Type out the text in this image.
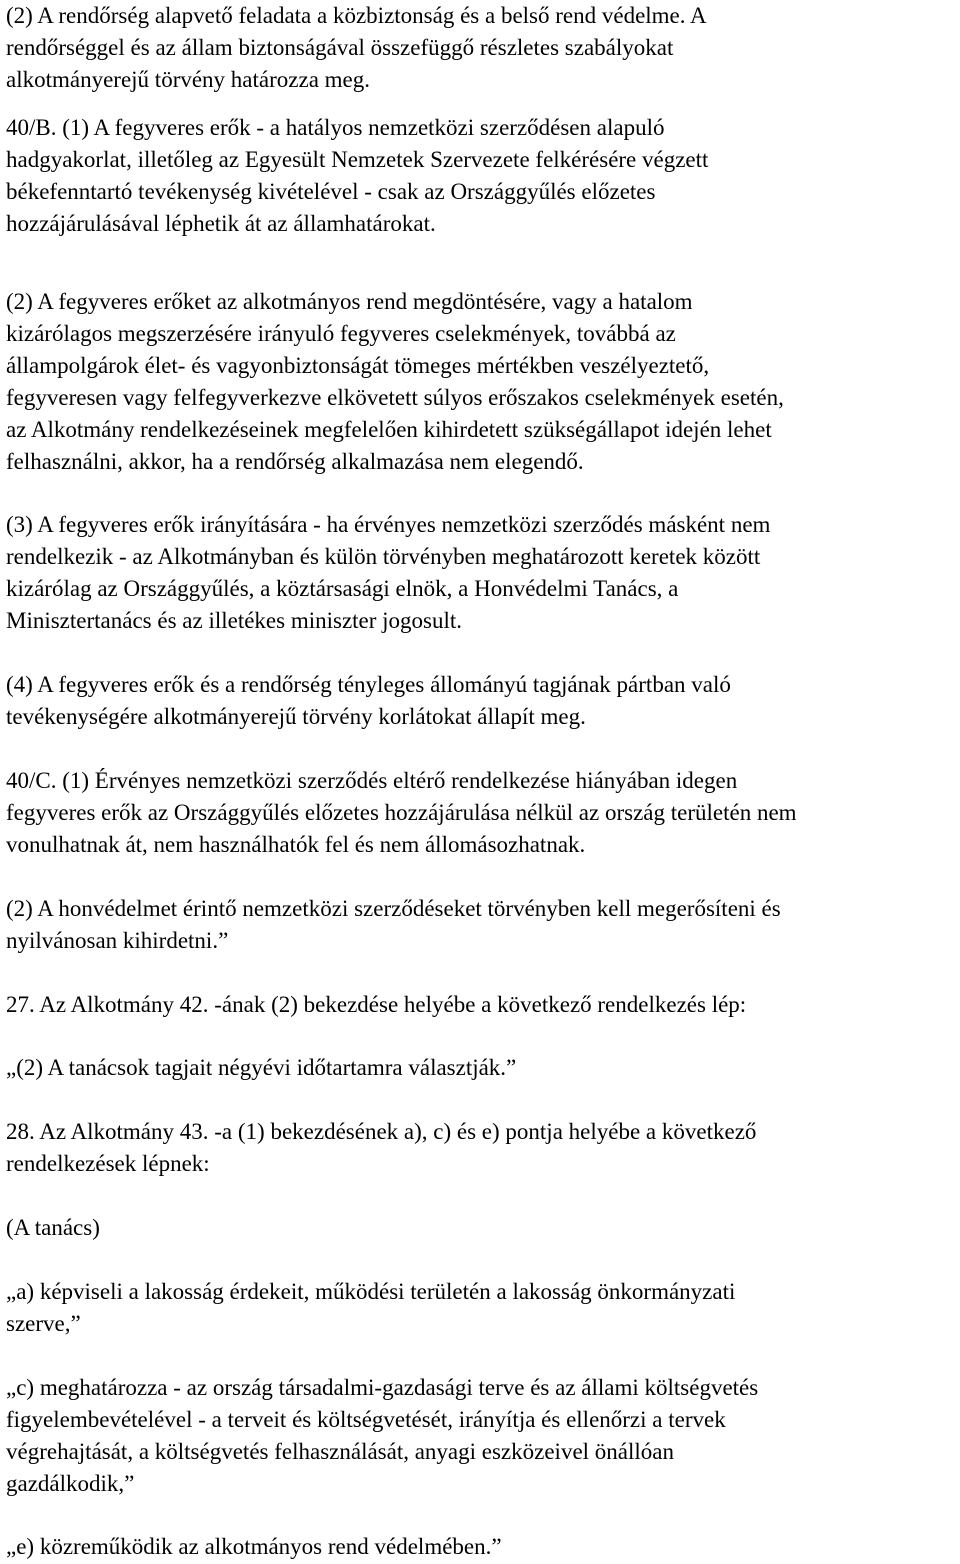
(2) A rendőrség alapvető feladata a közbiztonság és a belső rend védelme. A
rendőrséggel és az állam biztonságával összefüggő részletes szabályokat
alkotmányerejű törvény határozza meg.

40/B. (1) A fegyveres erők - a hatályos nemzetközi szerződésen alapuló
hadgyakorlat, illetőleg az Egyesült Nemzetek Szervezete felkérésére végzett
békefenntartó tevékenység kivételével - csak az Országgyűlés előzetes
hozzájárulásával léphetik át az államhatárokat.

(2) A fegyveres erőket az alkotmányos rend megdöntésére, vagy a hatalom
kizárólagos megszerzésére irányuló fegyveres cselekmények, továbbá az
állampolgárok élet- és vagyonbiztonságát tömeges mértékben veszélyeztető,
fegyveresen vagy felfegyverkezve elkövetett súlyos erőszakos cselekmények esetén,
az Alkotmány rendelkezéseinek megfelelően kihirdetett szükségállapot idején lehet
felhasználni, akkor, ha a rendőrség alkalmazása nem elegendő.

(3) A fegyveres erők irányítására - ha érvényes nemzetközi szerződés másként nem
rendelkezik - az Alkotmányban és külön törvényben meghatározott keretek között
kizárólag az Országgyűlés, a köztársasági elnök, a Honvédelmi Tanács, a
Minisztertanács és az illetékes miniszter jogosult.

(4) A fegyveres erők és a rendőrség tényleges állományú tagjának pártban való
tevékenységére alkotmányerejű törvény korlátokat állapít meg.

40/C. (1) Érvényes nemzetközi szerződés eltérő rendelkezése hiányában idegen
fegyveres erők az Országgyűlés előzetes hozzájárulása nélkül az ország területén nem
vonulhatnak át, nem használhatók fel és nem állomásozhatnak.

(2) A honvédelmet érintő nemzetközi szerződéseket törvényben kell megerősíteni és
nyilvánosan kihirdetni.”

27. Az Alkotmány 42. -ának (2) bekezdése helyébe a következő rendelkezés lép:

„(2) A tanácsok tagjait négyévi időtartamra választják.”

28. Az Alkotmány 43. -a (1) bekezdésének a), c) és e) pontja helyébe a következő
rendelkezések lépnek:

(A tanács)

„a) képviseli a lakosság érdekeit, működési területén a lakosság önkormányzati
szerve,”

„c) meghatározza - az ország társadalmi-gazdasági terve és az állami költségvetés
figyelembevételével - a terveit és költségvetését, irányítja és ellenőrzi a tervek
végrehajtását, a költségvetés felhasználását, anyagi eszközeivel önállóan
gazdálkodik,”

„e) közreműködik az alkotmányos rend védelmében.”
